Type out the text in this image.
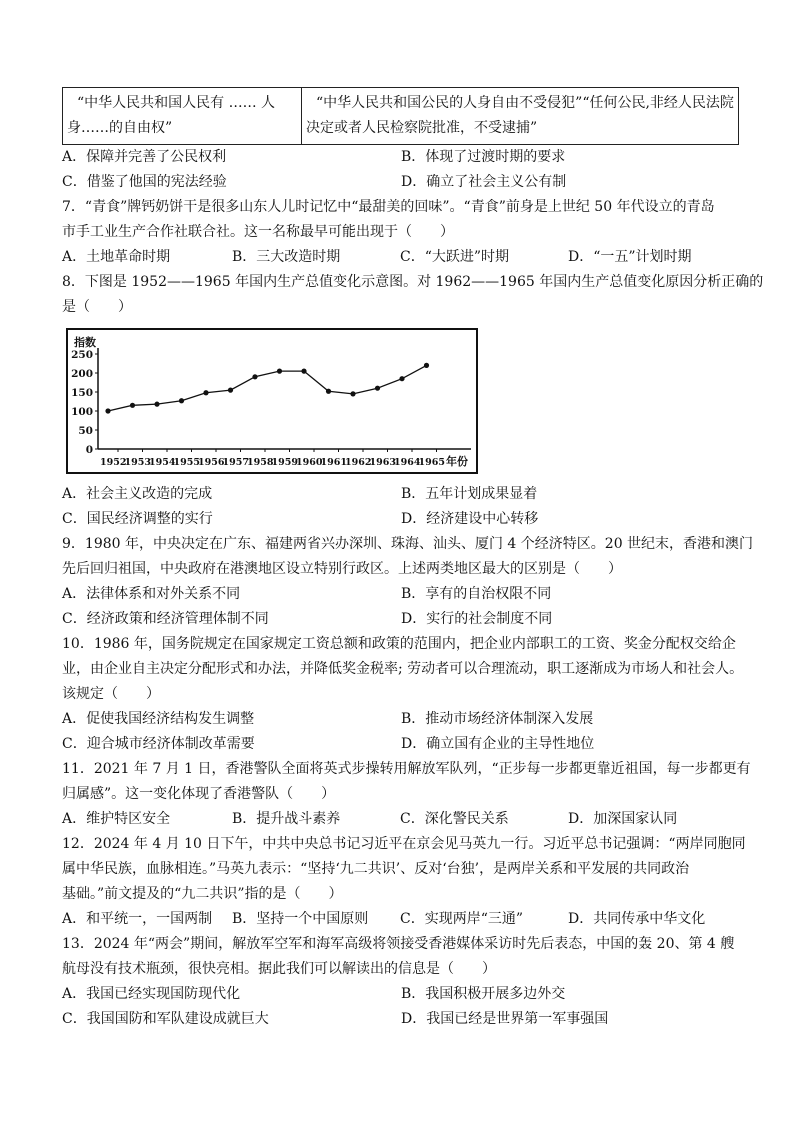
“中华人民共和国人民有 …… 人身……的自由权”	“中华人民共和国公民的人身自由不受侵犯”“任何公民,非经人民法院决定或者人民检察院批准，不受逮捕”
A．保障并完善了公民权利	B．体现了过渡时期的要求
C．借鉴了他国的宪法经验	D．确立了社会主义公有制
7．“青食”牌钙奶饼干是很多山东人儿时记忆中“最甜美的回味”。“青食”前身是上世纪 50 年代设立的青岛
市手工业生产合作社联合社。这一名称最早可能出现于（　　）
A．土地革命时期	B．三大改造时期	C．“大跃进”时期	D．“一五”计划时期
8．下图是 1952——1965 年国内生产总值变化示意图。对 1962——1965 年国内生产总值变化原因分析正确的
是（　　）
指数
0
50
100
150
200
250
1952
1953
1954
1955
1956
1957
1958
1959
1960
1961
1962
1963
1964
1965 年份
A．社会主义改造的完成	B．五年计划成果显着
C．国民经济调整的实行	D．经济建设中心转移
9．1980 年，中央决定在广东、福建两省兴办深圳、珠海、汕头、厦门 4 个经济特区。20 世纪末，香港和澳门
先后回归祖国，中央政府在港澳地区设立特别行政区。上述两类地区最大的区别是（　　）
A．法律体系和对外关系不同	B．享有的自治权限不同
C．经济政策和经济管理体制不同	D．实行的社会制度不同
10．1986 年，国务院规定在国家规定工资总额和政策的范围内，把企业内部职工的工资、奖金分配权交给企
业，由企业自主决定分配形式和办法，并降低奖金税率; 劳动者可以合理流动，职工逐渐成为市场人和社会人。
该规定（　　）
A．促使我国经济结构发生调整	B．推动市场经济体制深入发展
C．迎合城市经济体制改革需要	D．确立国有企业的主导性地位
11．2021 年 7 月 1 日，香港警队全面将英式步操转用解放军队列，“正步每一步都更靠近祖国，每一步都更有
归属感”。这一变化体现了香港警队（　　）
A．维护特区安全	B．提升战斗素养	C．深化警民关系	D．加深国家认同
12．2024 年 4 月 10 日下午，中共中央总书记习近平在京会见马英九一行。习近平总书记强调：“两岸同胞同
属中华民族，血脉相连。”马英九表示：“坚持‘九二共识’、反对‘台独’，是两岸关系和平发展的共同政治
基础。”前文提及的“九二共识”指的是（　　）
A．和平统一，一国两制	B．坚持一个中国原则	C．实现两岸“三通”	D．共同传承中华文化
13．2024 年“两会”期间，解放军空军和海军高级将领接受香港媒体采访时先后表态，中国的轰 20、第 4 艘
航母没有技术瓶颈，很快亮相。据此我们可以解读出的信息是（　　）
A．我国已经实现国防现代化	B．我国积极开展多边外交
C．我国国防和军队建设成就巨大	D．我国已经是世界第一军事强国
